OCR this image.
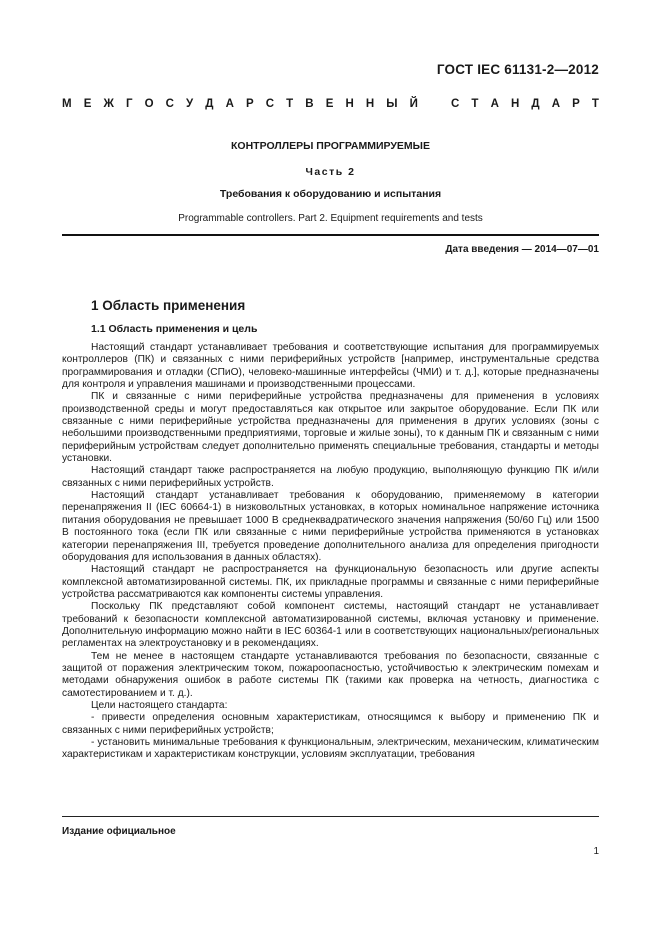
ГОСТ IEC 61131-2—2012
М Е Ж Г О С У Д А Р С Т В Е Н Н Ы Й	С Т А Н Д А Р Т
КОНТРОЛЛЕРЫ ПРОГРАММИРУЕМЫЕ
Часть 2
Требования к оборудованию и испытания
Programmable controllers. Part 2. Equipment requirements and tests
Дата введения — 2014—07—01
1 Область применения
1.1 Область применения и цель

Настоящий стандарт устанавливает требования и соответствующие испытания для программируемых контроллеров (ПК) и связанных с ними периферийных устройств [например, инструментальные средства программирования и отладки (СПиО), человеко-машинные интерфейсы (ЧМИ) и т. д.], которые предназначены для контроля и управления машинами и производственными процессами.

ПК и связанные с ними периферийные устройства предназначены для применения в условиях производственной среды и могут предоставляться как открытое или закрытое оборудование. Если ПК или связанные с ними периферийные устройства предназначены для применения в других условиях (зоны с небольшими производственными предприятиями, торговые и жилые зоны), то к данным ПК и связанным с ними периферийным устройствам следует дополнительно применять специальные требования, стандарты и методы установки.

Настоящий стандарт также распространяется на любую продукцию, выполняющую функцию ПК и/или связанных с ними периферийных устройств.

Настоящий стандарт устанавливает требования к оборудованию, применяемому в категории перенапряжения II (IEC 60664-1) в низковольтных установках, в которых номинальное напряжение источника питания оборудования не превышает 1000 В среднеквадратического значения напряжения (50/60 Гц) или 1500 В постоянного тока (если ПК или связанные с ними периферийные устройства применяются в установках категории перенапряжения III, требуется проведение дополнительного анализа для определения пригодности оборудования для использования в данных областях).

Настоящий стандарт не распространяется на функциональную безопасность или другие аспекты комплексной автоматизированной системы. ПК, их прикладные программы и связанные с ними периферийные устройства рассматриваются как компоненты системы управления.

Поскольку ПК представляют собой компонент системы, настоящий стандарт не устанавливает требований к безопасности комплексной автоматизированной системы, включая установку и применение. Дополнительную информацию можно найти в IEC 60364-1 или в соответствующих национальных/региональных регламентах на электроустановку и в рекомендациях.

Тем не менее в настоящем стандарте устанавливаются требования по безопасности, связанные с защитой от поражения электрическим током, пожароопасностью, устойчивостью к электрическим помехам и методами обнаружения ошибок в работе системы ПК (такими как проверка на четность, диагностика с самотестированием и т. д.).

Цели настоящего стандарта:

- привести определения основным характеристикам, относящимся к выбору и применению ПК и связанных с ними периферийных устройств;

- установить минимальные требования к функциональным, электрическим, механическим, климатическим характеристикам и характеристикам конструкции, условиям эксплуатации, требования

Издание официальное
1
